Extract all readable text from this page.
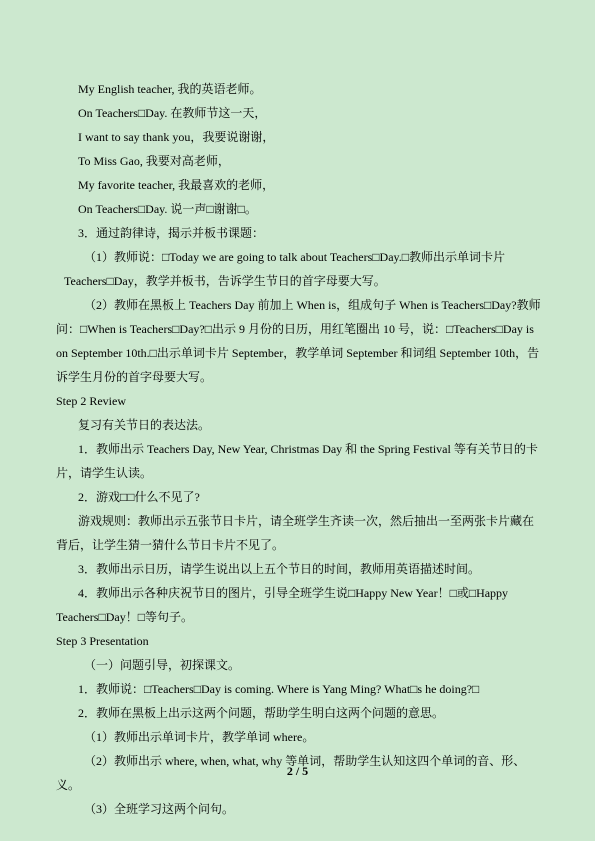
My English teacher, 我的英语老师。
On Teachers□Day. 在教师节这一天，
I want to say thank you，我要说谢谢，
To Miss Gao, 我要对高老师，
My favorite teacher, 我最喜欢的老师，
On Teachers□Day. 说一声□谢谢□。
3．通过韵律诗，揭示并板书课题：
（1）教师说：□Today we are going to talk about Teachers□Day.□教师出示单词卡片
Teachers□Day，教学并板书，告诉学生节日的首字母要大写。
（2）教师在黑板上 Teachers Day 前加上 When is，组成句子 When is Teachers□Day?教师
问：□When is Teachers□Day?□出示 9 月份的日历，用红笔圈出 10 号，说：□Teachers□Day is
on September 10th.□出示单词卡片 September，教学单词 September 和词组 September 10th，告
诉学生月份的首字母要大写。
Step 2 Review
复习有关节日的表达法。
1．教师出示 Teachers Day, New Year, Christmas Day 和 the Spring Festival 等有关节日的卡
片，请学生认读。
2．游戏□□什么不见了?
游戏规则：教师出示五张节日卡片，请全班学生齐读一次，然后抽出一至两张卡片藏在
背后，让学生猜一猜什么节日卡片不见了。
3．教师出示日历，请学生说出以上五个节日的时间，教师用英语描述时间。
4．教师出示各种庆祝节日的图片，引导全班学生说□Happy New Year！□或□Happy
Teachers□Day！□等句子。
Step 3 Presentation
（一）问题引导，初探课文。
1．教师说：□Teachers□Day is coming. Where is Yang Ming? What□s he doing?□
2．教师在黑板上出示这两个问题，帮助学生明白这两个问题的意思。
（1）教师出示单词卡片，教学单词 where。
（2）教师出示 where, when, what, why 等单词，帮助学生认知这四个单词的音、形、
义。
（3）全班学习这两个问句。
2 / 5
